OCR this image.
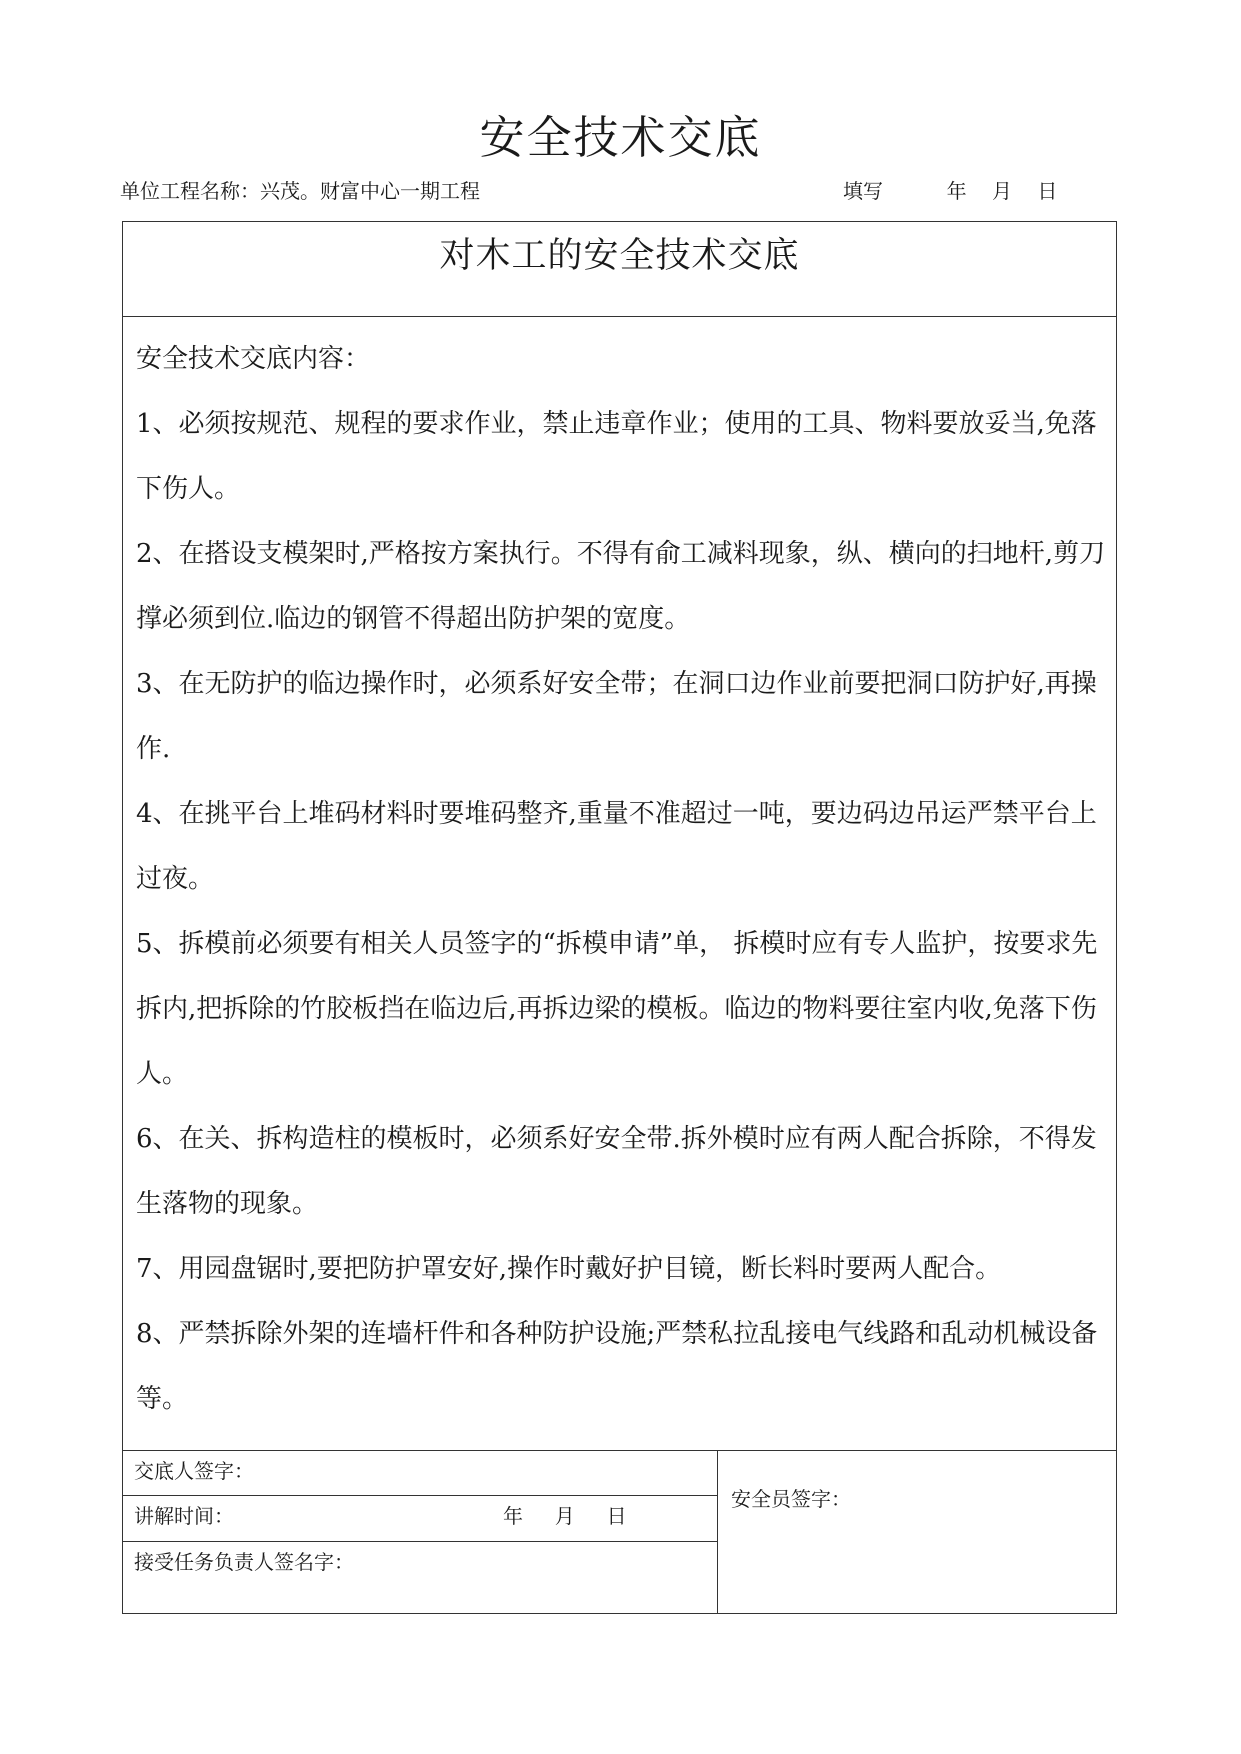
安全技术交底
单位工程名称：兴茂。财富中心一期工程	填写          年    月    日
对木工的安全技术交底

安全技术交底内容：

1、必须按规范、规程的要求作业，禁止违章作业；使用的工具、物料要放妥当,免落下伤人。

2、在搭设支模架时,严格按方案执行。不得有俞工减料现象，纵、横向的扫地杆,剪刀撑必须到位.临边的钢管不得超出防护架的宽度。

3、在无防护的临边操作时，必须系好安全带；在洞口边作业前要把洞口防护好,再操作.

4、在挑平台上堆码材料时要堆码整齐,重量不准超过一吨，要边码边吊运严禁平台上过夜。

5、拆模前必须要有相关人员签字的“拆模申请”单， 拆模时应有专人监护，按要求先拆内,把拆除的竹胶板挡在临边后,再拆边梁的模板。临边的物料要往室内收,免落下伤人。

6、在关、拆构造柱的模板时，必须系好安全带.拆外模时应有两人配合拆除，不得发生落物的现象。

7、用园盘锯时,要把防护罩安好,操作时戴好护目镜，断长料时要两人配合。

8、严禁拆除外架的连墙杆件和各种防护设施;严禁私拉乱接电气线路和乱动机械设备等。

交底人签字：
讲解时间：	年     月     日
接受任务负责人签名字：
安全员签字：
